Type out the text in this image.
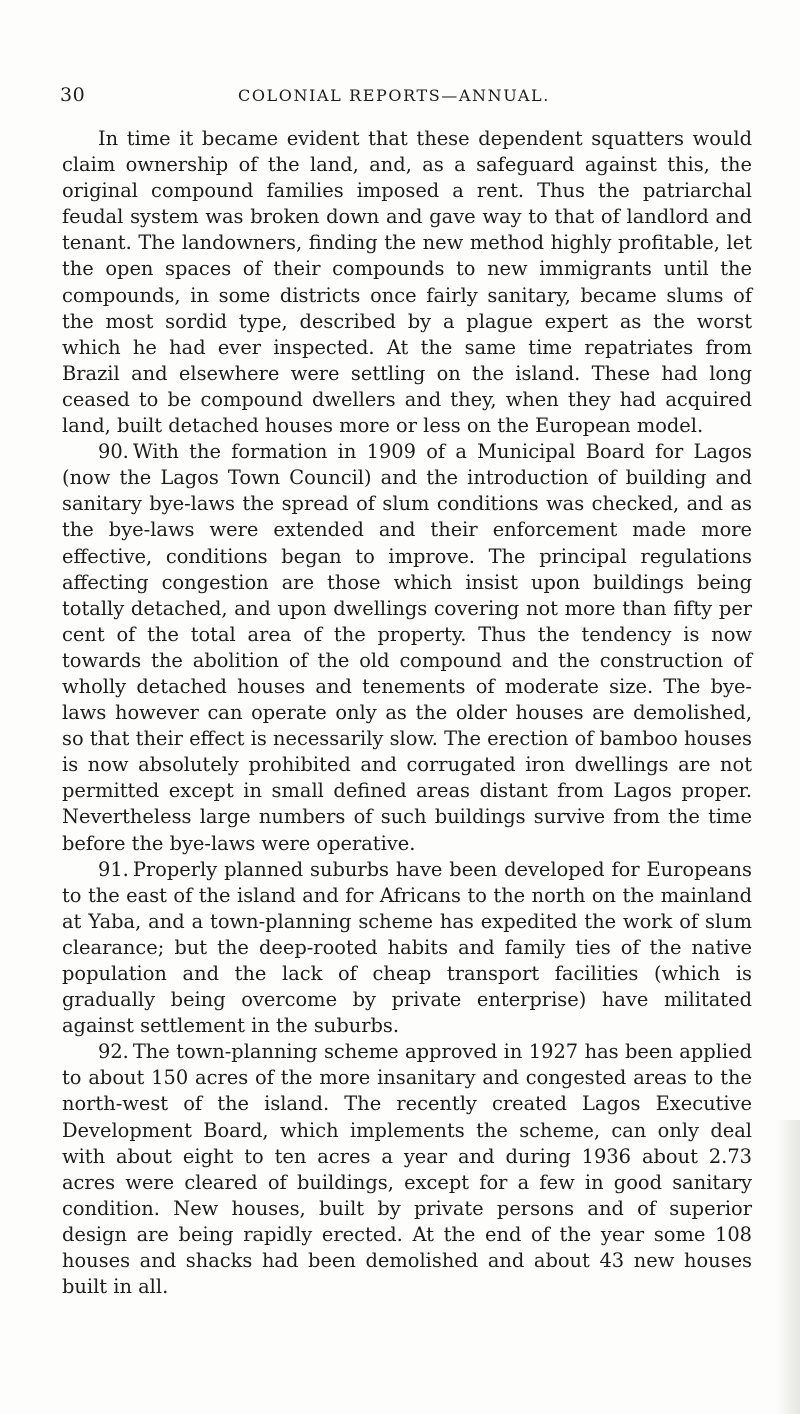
30	COLONIAL REPORTS—ANNUAL.

In time it became evident that these dependent squatters would claim ownership of the land, and, as a safeguard against this, the original compound families imposed a rent. Thus the patriarchal feudal system was broken down and gave way to that of landlord and tenant. The landowners, finding the new method highly profitable, let the open spaces of their compounds to new immigrants until the compounds, in some districts once fairly sanitary, became slums of the most sordid type, described by a plague expert as the worst which he had ever inspected. At the same time repatriates from Brazil and elsewhere were settling on the island. These had long ceased to be compound dwellers and they, when they had acquired land, built detached houses more or less on the European model.

90. With the formation in 1909 of a Municipal Board for Lagos (now the Lagos Town Council) and the introduction of building and sanitary bye-laws the spread of slum conditions was checked, and as the bye-laws were extended and their enforcement made more effective, conditions began to improve. The principal regulations affecting congestion are those which insist upon buildings being totally detached, and upon dwellings covering not more than fifty per cent of the total area of the property. Thus the tendency is now towards the abolition of the old compound and the construction of wholly detached houses and tenements of moderate size. The bye-laws however can operate only as the older houses are demolished, so that their effect is necessarily slow. The erection of bamboo houses is now absolutely prohibited and corrugated iron dwellings are not permitted except in small defined areas distant from Lagos proper. Nevertheless large numbers of such buildings survive from the time before the bye-laws were operative.

91. Properly planned suburbs have been developed for Europeans to the east of the island and for Africans to the north on the mainland at Yaba, and a town-planning scheme has expedited the work of slum clearance; but the deep-rooted habits and family ties of the native population and the lack of cheap transport facilities (which is gradually being overcome by private enterprise) have militated against settlement in the suburbs.

92. The town-planning scheme approved in 1927 has been applied to about 150 acres of the more insanitary and congested areas to the north-west of the island. The recently created Lagos Executive Development Board, which implements the scheme, can only deal with about eight to ten acres a year and during 1936 about 2.73 acres were cleared of buildings, except for a few in good sanitary condition. New houses, built by private persons and of superior design are being rapidly erected. At the end of the year some 108 houses and shacks had been demolished and about 43 new houses built in all.
